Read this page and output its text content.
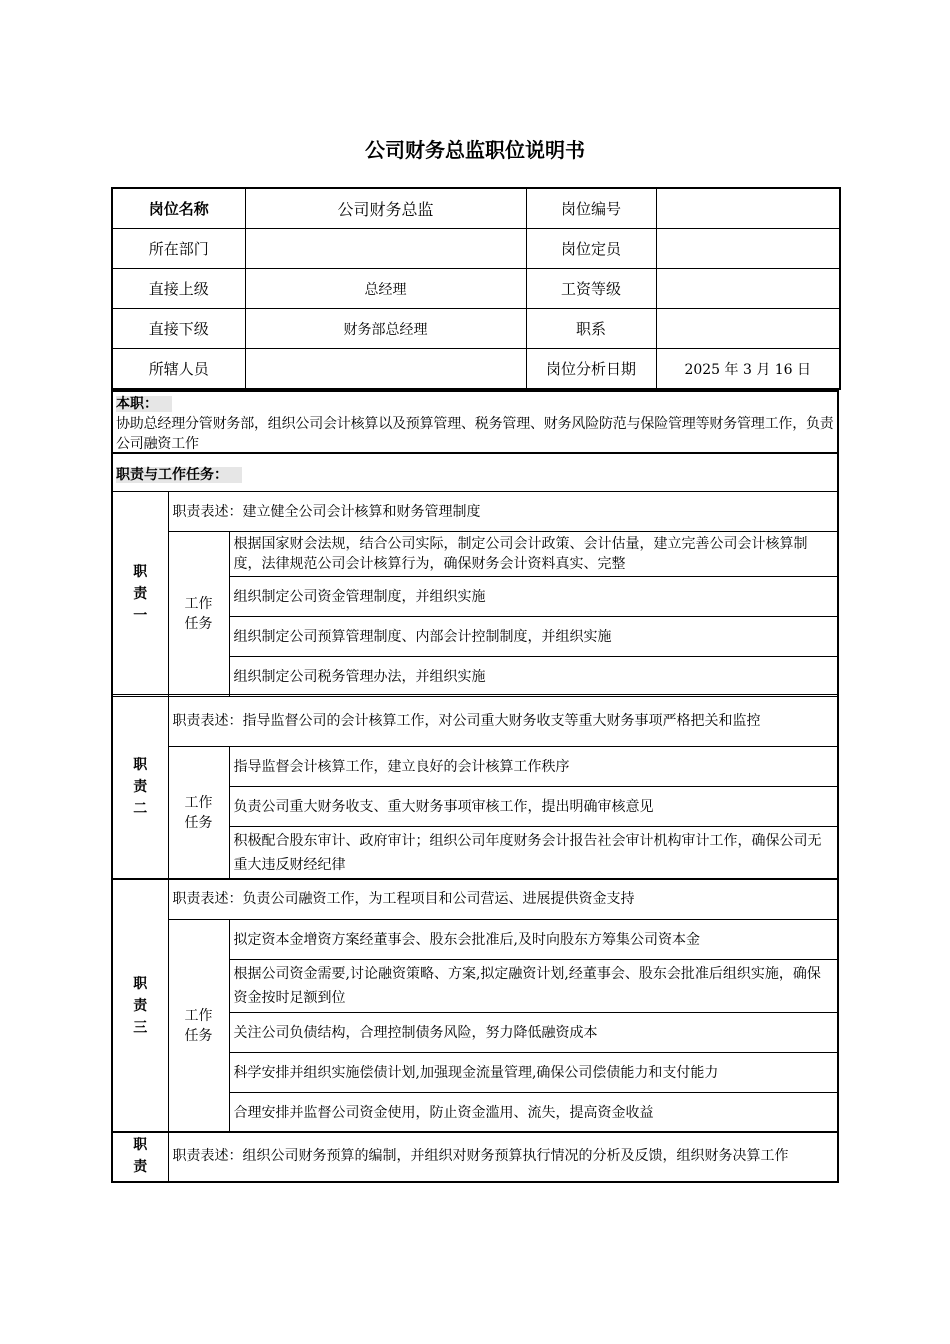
公司财务总监职位说明书
岗位名称	公司财务总监	岗位编号	
所在部门		岗位定员	
直接上级	总经理	工资等级	
直接下级	财务部总经理	职系	
所辖人员		岗位分析日期	2025 年 3 月 16 日
本职：
协助总经理分管财务部，组织公司会计核算以及预算管理、税务管理、财务风险防范与保险管理等财务管理工作，负责公司融资工作
职责与工作任务：
职
责
一	职责表述：建立健全公司会计核算和财务管理制度	

	工作
任务	根据国家财会法规，结合公司实际，制定公司会计政策、会计估量，建立完善公司会计核算制度，法律规范公司会计核算行为，确保财务会计资料真实、完整
		组织制定公司资金管理制度，并组织实施
		组织制定公司预算管理制度、内部会计控制制度，并组织实施
		组织制定公司税务管理办法，并组织实施
职
责
二	职责表述：指导监督公司的会计核算工作，对公司重大财务收支等重大财务事项严格把关和监控	

	工作
任务	指导监督会计核算工作，建立良好的会计核算工作秩序
		负责公司重大财务收支、重大财务事项审核工作，提出明确审核意见
		积极配合股东审计、政府审计；组织公司年度财务会计报告社会审计机构审计工作，确保公司无重大违反财经纪律
职
责
三	职责表述：负责公司融资工作，为工程项目和公司营运、进展提供资金支持	

	工作
任务	拟定资本金增资方案经董事会、股东会批准后,及时向股东方筹集公司资本金
		根据公司资金需要,讨论融资策略、方案,拟定融资计划,经董事会、股东会批准后组织实施，确保资金按时足额到位
		关注公司负债结构，合理控制债务风险，努力降低融资成本
		科学安排并组织实施偿债计划,加强现金流量管理,确保公司偿债能力和支付能力
		合理安排并监督公司资金使用，防止资金滥用、流失，提高资金收益
职
责
	职责表述：组织公司财务预算的编制，并组织对财务预算执行情况的分析及反馈，组织财务决算工作
